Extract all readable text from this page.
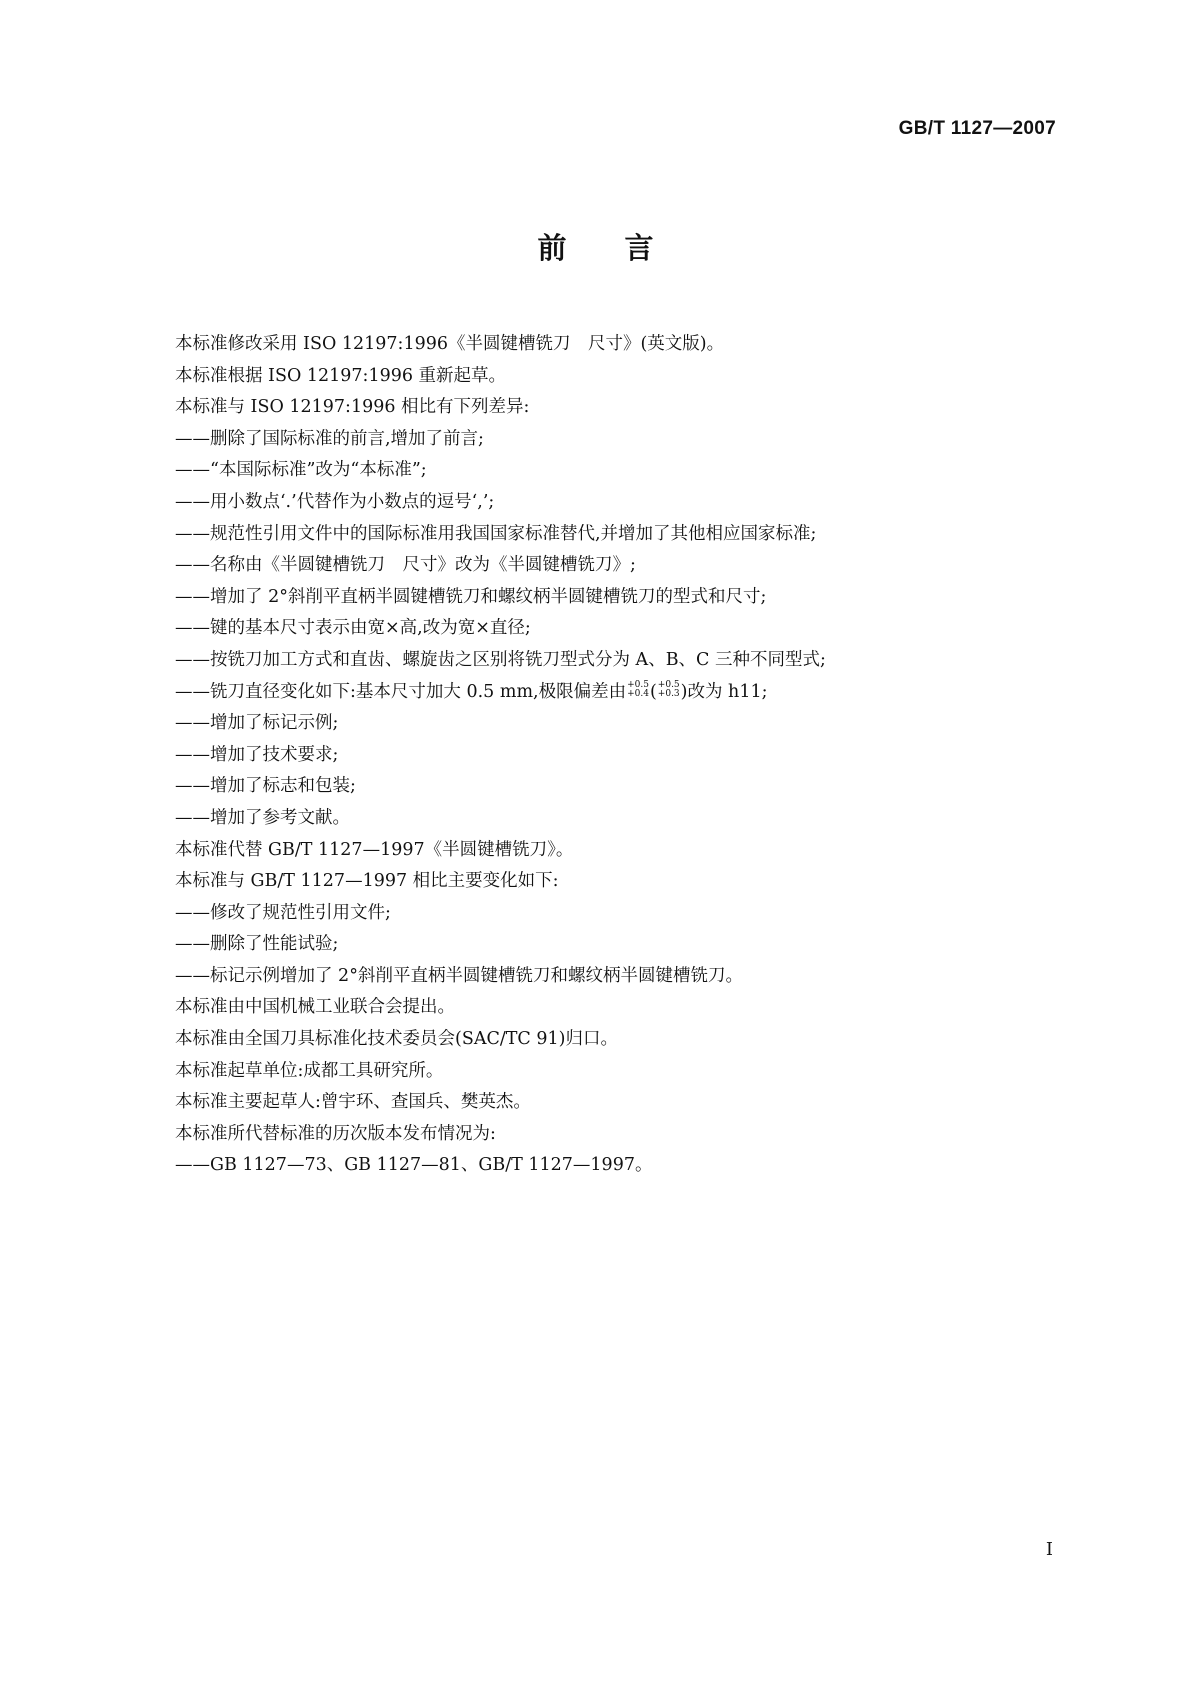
GB/T 1127—2007
前言
本标准修改采用 ISO 12197:1996《半圆键槽铣刀　尺寸》(英文版)。
本标准根据 ISO 12197:1996 重新起草。
本标准与 ISO 12197:1996 相比有下列差异:
——删除了国际标准的前言,增加了前言;
——“本国际标准”改为“本标准”;
——用小数点‘.’代替作为小数点的逗号‘,’;
——规范性引用文件中的国际标准用我国国家标准替代,并增加了其他相应国家标准;
——名称由《半圆键槽铣刀　尺寸》改为《半圆键槽铣刀》;
——增加了 2°斜削平直柄半圆键槽铣刀和螺纹柄半圆键槽铣刀的型式和尺寸;
——键的基本尺寸表示由宽×高,改为宽×直径;
——按铣刀加工方式和直齿、螺旋齿之区别将铣刀型式分为 A、B、C 三种不同型式;
——铣刀直径变化如下:基本尺寸加大 0.5 mm,极限偏差由 +0.5
+0.4 ( +0.5
+0.3 )改为 h11;
——增加了标记示例;
——增加了技术要求;
——增加了标志和包装;
——增加了参考文献。
本标准代替 GB/T 1127—1997《半圆键槽铣刀》。
本标准与 GB/T 1127—1997 相比主要变化如下:
——修改了规范性引用文件;
——删除了性能试验;
——标记示例增加了 2°斜削平直柄半圆键槽铣刀和螺纹柄半圆键槽铣刀。
本标准由中国机械工业联合会提出。
本标准由全国刀具标准化技术委员会(SAC/TC 91)归口。
本标准起草单位:成都工具研究所。
本标准主要起草人:曾宇环、查国兵、樊英杰。
本标准所代替标准的历次版本发布情况为:
——GB 1127—73、GB 1127—81、GB/T 1127—1997。
I
